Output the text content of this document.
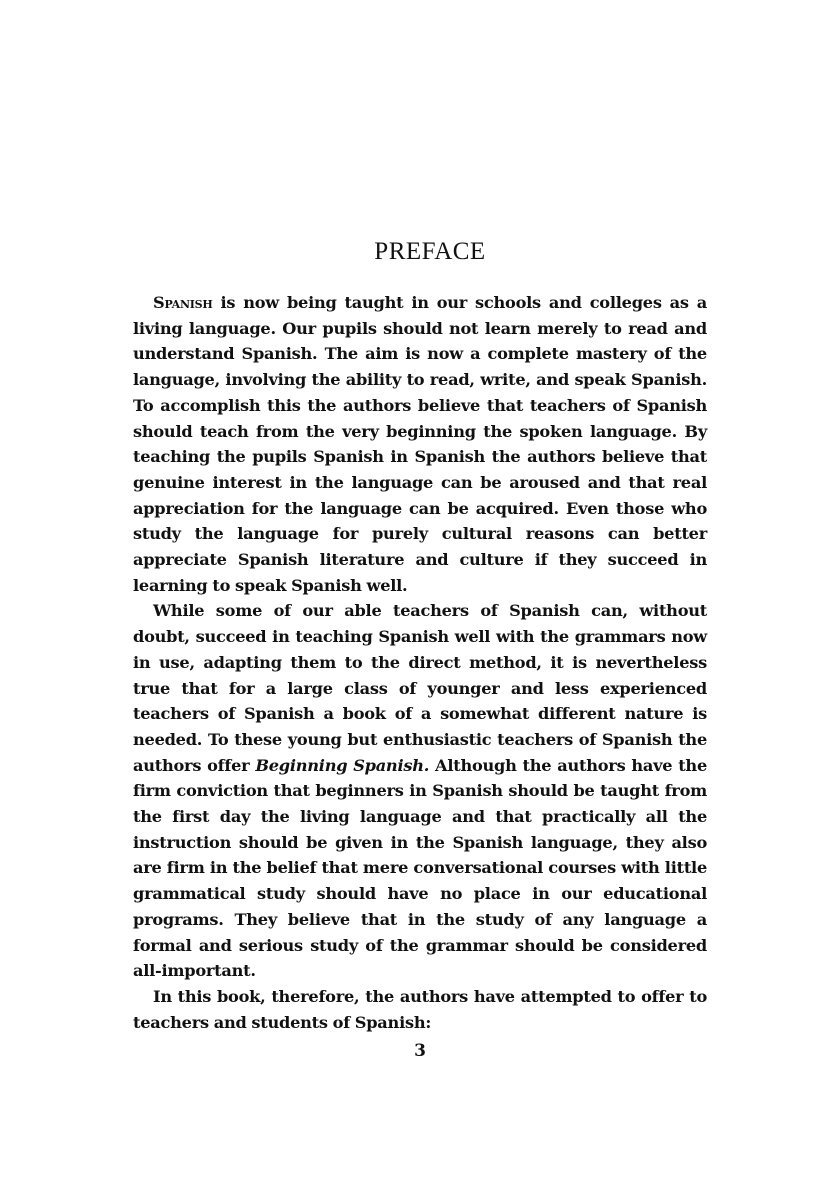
PREFACE

Spanish is now being taught in our schools and colleges as a living language. Our pupils should not learn merely to read and understand Spanish. The aim is now a complete mastery of the language, involving the ability to read, write, and speak Spanish. To accomplish this the authors believe that teachers of Spanish should teach from the very beginning the spoken language. By teaching the pupils Spanish in Spanish the authors believe that genuine interest in the language can be aroused and that real appreciation for the language can be acquired. Even those who study the language for purely cultural reasons can better appreciate Spanish literature and culture if they succeed in learning to speak Spanish well.

While some of our able teachers of Spanish can, without doubt, succeed in teaching Spanish well with the grammars now in use, adapting them to the direct method, it is nevertheless true that for a large class of younger and less experienced teachers of Spanish a book of a somewhat different nature is needed. To these young but enthusiastic teachers of Spanish the authors offer Beginning Spanish. Although the authors have the firm conviction that beginners in Spanish should be taught from the first day the living language and that practically all the instruction should be given in the Spanish language, they also are firm in the belief that mere conversational courses with little grammatical study should have no place in our educational programs. They believe that in the study of any language a formal and serious study of the grammar should be considered all-important.

In this book, therefore, the authors have attempted to offer to teachers and students of Spanish:

3
